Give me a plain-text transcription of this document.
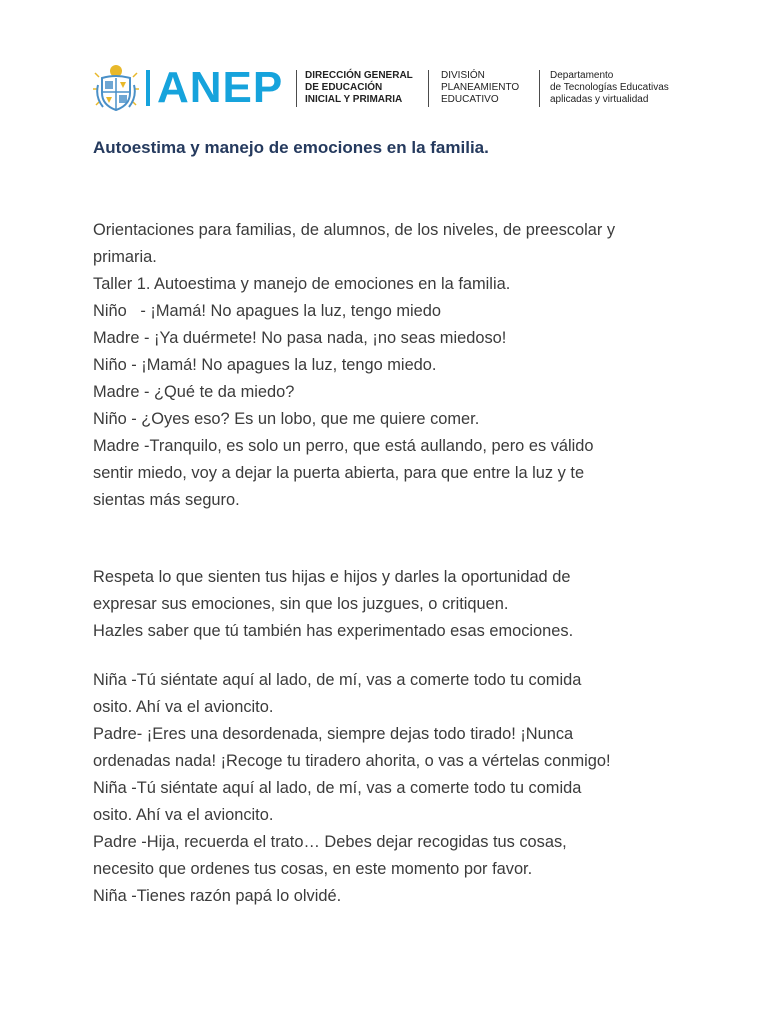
ANEP DIRECCIÓN GENERAL
DE EDUCACIÓN
INICIAL Y PRIMARIA
DIVISIÓN
PLANEAMIENTO
EDUCATIVO
Departamento
de Tecnologías Educativas
aplicadas y virtualidad
Autoestima y manejo de emociones en la familia.

Orientaciones para familias, de alumnos, de los niveles, de preescolar y

primaria.

Taller 1. Autoestima y manejo de emociones en la familia.

Niño   - ¡Mamá! No apagues la luz, tengo miedo

Madre - ¡Ya duérmete! No pasa nada, ¡no seas miedoso!

Niño - ¡Mamá! No apagues la luz, tengo miedo.

Madre - ¿Qué te da miedo?

Niño - ¿Oyes eso? Es un lobo, que me quiere comer.

Madre -Tranquilo, es solo un perro, que está aullando, pero es válido

sentir miedo, voy a dejar la puerta abierta, para que entre la luz y te

sientas más seguro.

Respeta lo que sienten tus hijas e hijos y darles la oportunidad de

expresar sus emociones, sin que los juzgues, o critiquen.

Hazles saber que tú también has experimentado esas emociones.

Niña -Tú siéntate aquí al lado, de mí, vas a comerte todo tu comida

osito. Ahí va el avioncito.

Padre- ¡Eres una desordenada, siempre dejas todo tirado! ¡Nunca

ordenadas nada! ¡Recoge tu tiradero ahorita, o vas a vértelas conmigo!

Niña -Tú siéntate aquí al lado, de mí, vas a comerte todo tu comida

osito. Ahí va el avioncito.

Padre -Hija, recuerda el trato… Debes dejar recogidas tus cosas,

necesito que ordenes tus cosas, en este momento por favor.

Niña -Tienes razón papá lo olvidé.
